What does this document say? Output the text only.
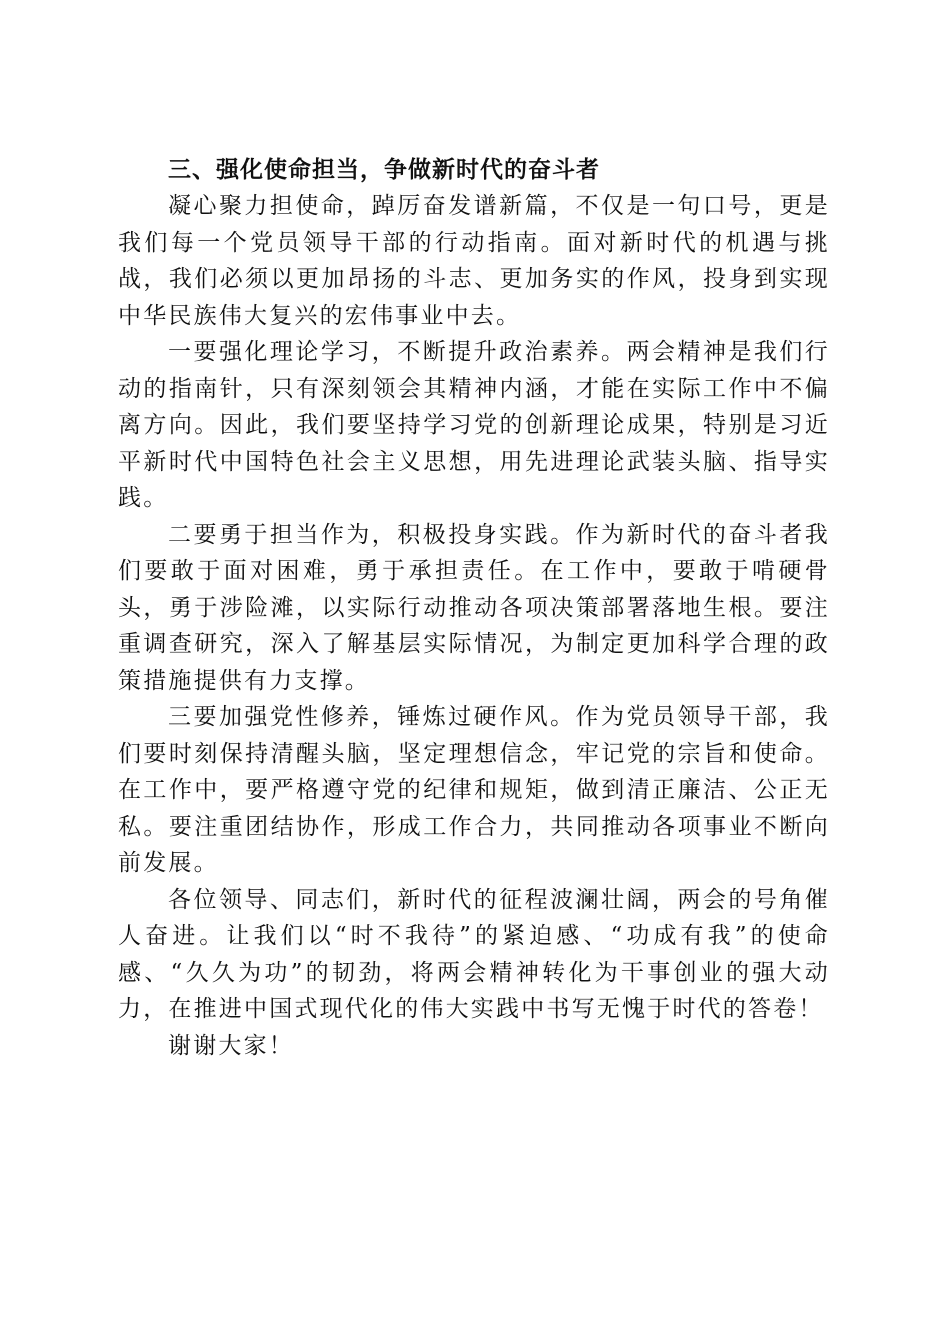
三、强化使命担当，争做新时代的奋斗者

凝心聚力担使命，踔厉奋发谱新篇，不仅是一句口号，更是我们每一个党员领导干部的行动指南。面对新时代的机遇与挑战，我们必须以更加昂扬的斗志、更加务实的作风，投身到实现中华民族伟大复兴的宏伟事业中去。

一要强化理论学习，不断提升政治素养。两会精神是我们行动的指南针，只有深刻领会其精神内涵，才能在实际工作中不偏离方向。因此，我们要坚持学习党的创新理论成果，特别是习近平新时代中国特色社会主义思想，用先进理论武装头脑、指导实践。

二要勇于担当作为，积极投身实践。作为新时代的奋斗者我们要敢于面对困难，勇于承担责任。在工作中，要敢于啃硬骨头，勇于涉险滩，以实际行动推动各项决策部署落地生根。要注重调查研究，深入了解基层实际情况，为制定更加科学合理的政策措施提供有力支撑。

三要加强党性修养，锤炼过硬作风。作为党员领导干部，我们要时刻保持清醒头脑，坚定理想信念，牢记党的宗旨和使命。在工作中，要严格遵守党的纪律和规矩，做到清正廉洁、公正无私。要注重团结协作，形成工作合力，共同推动各项事业不断向前发展。

各位领导、同志们，新时代的征程波澜壮阔，两会的号角催人奋进。让我们以“时不我待”的紧迫感、“功成有我”的使命感、“久久为功”的韧劲，将两会精神转化为干事创业的强大动力，在推进中国式现代化的伟大实践中书写无愧于时代的答卷！

谢谢大家！
